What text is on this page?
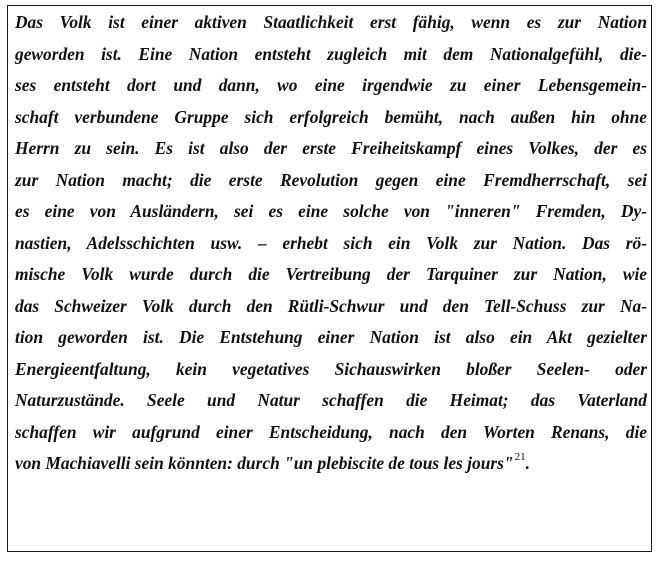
Das Volk ist einer aktiven Staatlichkeit erst fähig, wenn es zur Nation
geworden ist. Eine Nation entsteht zugleich mit dem Nationalgefühl, die-
ses entsteht dort und dann, wo eine irgendwie zu einer Lebensgemein-
schaft verbundene Gruppe sich erfolgreich bemüht, nach außen hin ohne
Herrn zu sein. Es ist also der erste Freiheitskampf eines Volkes, der es
zur Nation macht; die erste Revolution gegen eine Fremdherrschaft, sei
es eine von Ausländern, sei es eine solche von "inneren" Fremden, Dy-
nastien, Adelsschichten usw. – erhebt sich ein Volk zur Nation. Das rö-
mische Volk wurde durch die Vertreibung der Tarquiner zur Nation, wie
das Schweizer Volk durch den Rütli-Schwur und den Tell-Schuss zur Na-
tion geworden ist. Die Entstehung einer Nation ist also ein Akt gezielter
Energieentfaltung, kein vegetatives Sichauswirken bloßer Seelen- oder
Naturzustände. Seele und Natur schaffen die Heimat; das Vaterland
schaffen wir aufgrund einer Entscheidung, nach den Worten Renans, die
von Machiavelli sein könnten: durch "un plebiscite de tous les jours"$^{21}$.
